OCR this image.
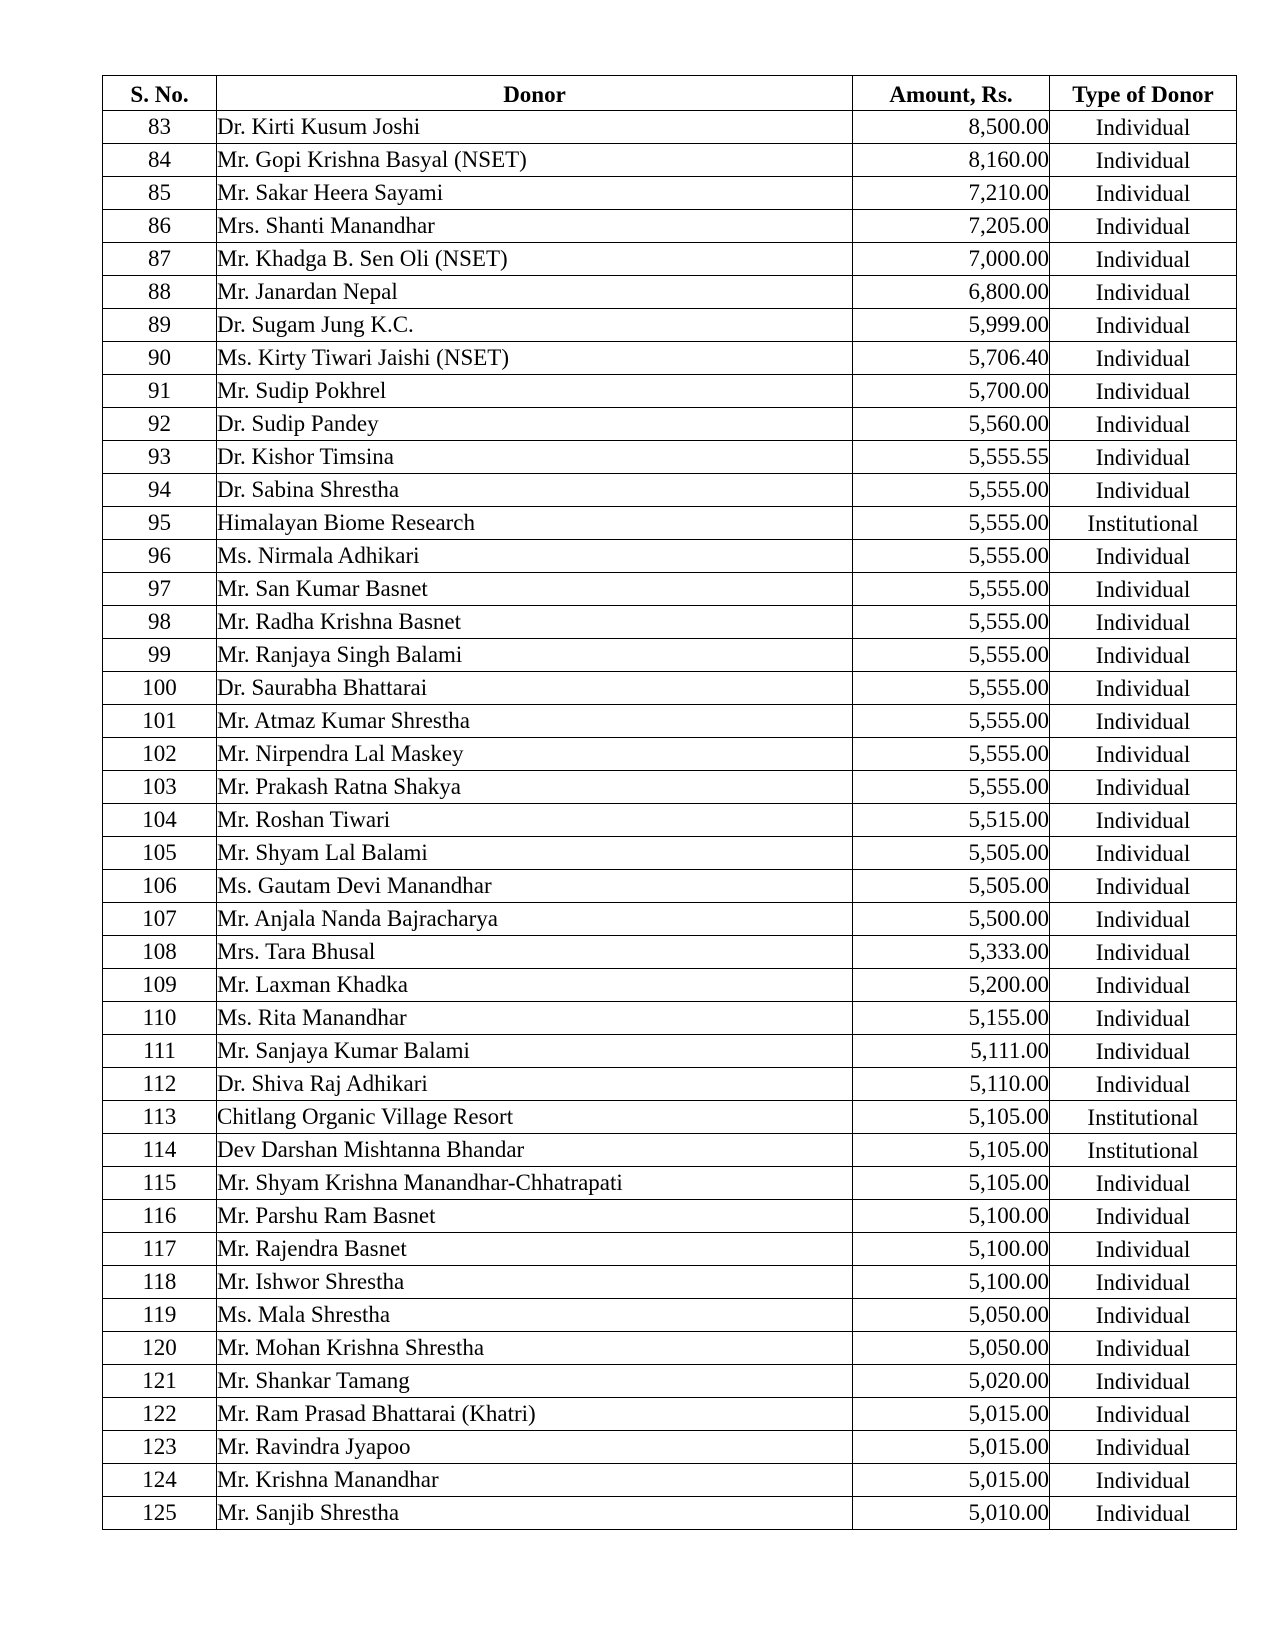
S. No.	Donor	Amount, Rs.	Type of Donor
83	Dr. Kirti Kusum Joshi	8,500.00	Individual
84	Mr. Gopi Krishna Basyal (NSET)	8,160.00	Individual
85	Mr. Sakar Heera Sayami	7,210.00	Individual
86	Mrs. Shanti Manandhar	7,205.00	Individual
87	Mr. Khadga B. Sen Oli (NSET)	7,000.00	Individual
88	Mr. Janardan Nepal	6,800.00	Individual
89	Dr. Sugam Jung K.C.	5,999.00	Individual
90	Ms. Kirty Tiwari Jaishi (NSET)	5,706.40	Individual
91	Mr. Sudip Pokhrel	5,700.00	Individual
92	Dr. Sudip Pandey	5,560.00	Individual
93	Dr. Kishor Timsina	5,555.55	Individual
94	Dr. Sabina Shrestha	5,555.00	Individual
95	Himalayan Biome Research	5,555.00	Institutional
96	Ms. Nirmala Adhikari	5,555.00	Individual
97	Mr. San Kumar Basnet	5,555.00	Individual
98	Mr. Radha Krishna Basnet	5,555.00	Individual
99	Mr. Ranjaya Singh Balami	5,555.00	Individual
100	Dr. Saurabha Bhattarai	5,555.00	Individual
101	Mr. Atmaz Kumar Shrestha	5,555.00	Individual
102	Mr. Nirpendra Lal Maskey	5,555.00	Individual
103	Mr. Prakash Ratna Shakya	5,555.00	Individual
104	Mr. Roshan Tiwari	5,515.00	Individual
105	Mr. Shyam Lal Balami	5,505.00	Individual
106	Ms. Gautam Devi Manandhar	5,505.00	Individual
107	Mr. Anjala Nanda Bajracharya	5,500.00	Individual
108	Mrs. Tara Bhusal	5,333.00	Individual
109	Mr. Laxman Khadka	5,200.00	Individual
110	Ms. Rita Manandhar	5,155.00	Individual
111	Mr. Sanjaya Kumar Balami	5,111.00	Individual
112	Dr. Shiva Raj Adhikari	5,110.00	Individual
113	Chitlang Organic Village Resort	5,105.00	Institutional
114	Dev Darshan Mishtanna Bhandar	5,105.00	Institutional
115	Mr. Shyam Krishna Manandhar-Chhatrapati	5,105.00	Individual
116	Mr. Parshu Ram Basnet	5,100.00	Individual
117	Mr. Rajendra Basnet	5,100.00	Individual
118	Mr. Ishwor Shrestha	5,100.00	Individual
119	Ms. Mala Shrestha	5,050.00	Individual
120	Mr. Mohan Krishna Shrestha	5,050.00	Individual
121	Mr. Shankar Tamang	5,020.00	Individual
122	Mr. Ram Prasad Bhattarai (Khatri)	5,015.00	Individual
123	Mr. Ravindra Jyapoo	5,015.00	Individual
124	Mr. Krishna Manandhar	5,015.00	Individual
125	Mr. Sanjib Shrestha	5,010.00	Individual
